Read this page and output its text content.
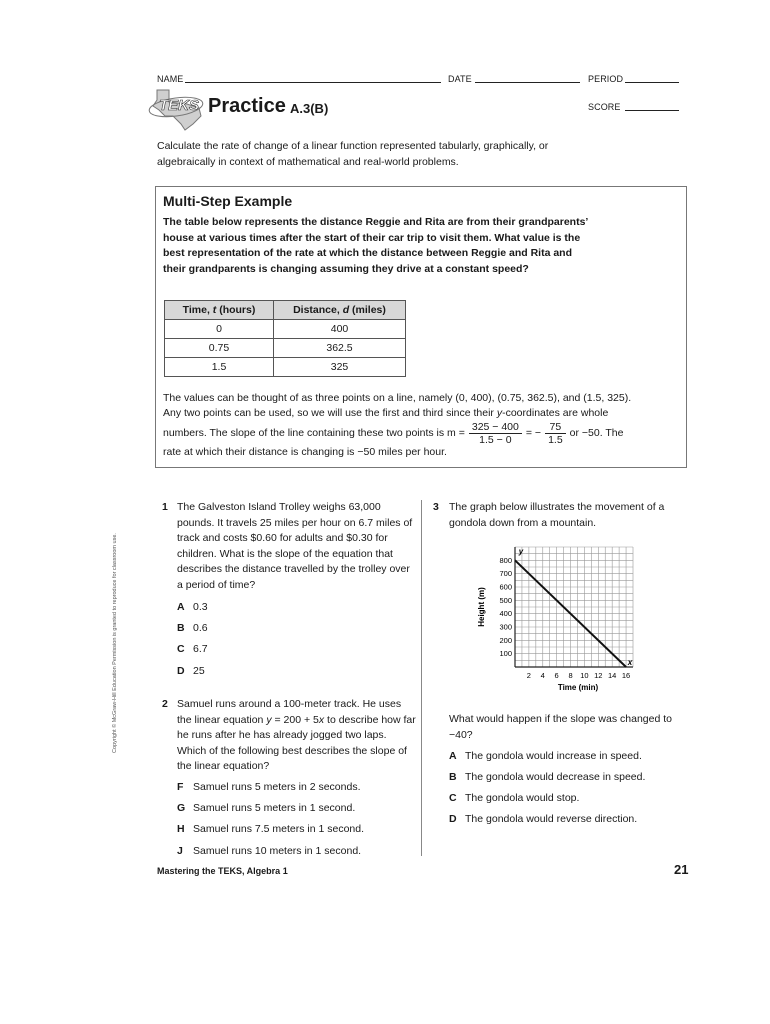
NAME	DATE	PERIOD
SCORE
TEKS Practice A.3(B)
Calculate the rate of change of a linear function represented tabularly, graphically, or algebraically in context of mathematical and real-world problems.
Multi-Step Example
The table below represents the distance Reggie and Rita are from their grandparents’ house at various times after the start of their car trip to visit them. What value is the best representation of the rate at which the distance between Reggie and Rita and their grandparents is changing assuming they drive at a constant speed?
Time, t (hours)	Distance, d (miles)
0	400
0.75	362.5
1.5	325
The values can be thought of as three points on a line, namely (0, 400), (0.75, 362.5), and (1.5, 325).
Any two points can be used, so we will use the first and third since their y-coordinates are whole
numbers. The slope of the line containing these two points is $m = \frac{325 - 400}{1.5 - 0}$ = − $\frac{75}{1.5}$ or −50. The
rate at which their distance is changing is −50 miles per hour.
Copyright © McGraw-Hill Education Permission is granted to reproduce for classroom use.
1 The Galveston Island Trolley weighs 63,000 pounds. It travels 25 miles per hour on 6.7 miles of track and costs $0.60 for adults and $0.30 for children. What is the slope of the equation that describes the distance travelled by the trolley over a period of time?
A 0.3
B 0.6
C 6.7
D 25
2 Samuel runs around a 100-meter track. He uses the linear equation y = 200 + 5x to describe how far he runs after he has already jogged two laps. Which of the following best describes the slope of the linear equation?
F Samuel runs 5 meters in 2 seconds.
G Samuel runs 5 meters in 1 second.
H Samuel runs 7.5 meters in 1 second.
J Samuel runs 10 meters in 1 second.
3 The graph below illustrates the movement of a gondola down from a mountain.
2 4 6 8 10 12 14 16
100
200
300
400
500
600
700
800
x
y
Time (min)
Height (m)
What would happen if the slope was changed to −40?
A The gondola would increase in speed.
B The gondola would decrease in speed.
C The gondola would stop.
D The gondola would reverse direction.
Mastering the TEKS, Algebra 1	21
